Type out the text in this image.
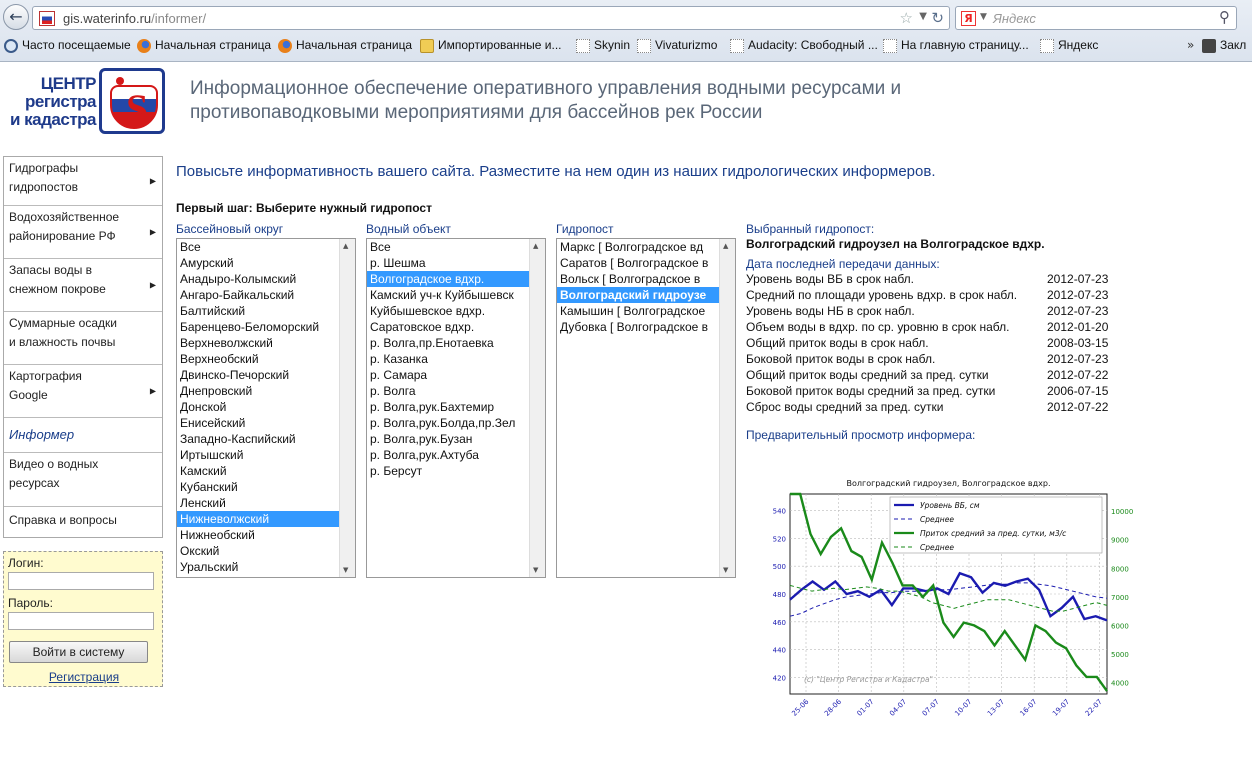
←	gis.waterinfo.ru/informer/	☆ ▼ ↻ Я ▼ Яндекс	⚲
Часто посещаемые	Начальная страница	Начальная страница	Импортированные и...	Skynin	Vivaturizmo	Audacity: Свободный ...	На главную страницу...	Яндекс	»	Закл
ЦЕНТР
регистра
и кадастра S Информационное обеспечение оперативного управления водными ресурсами и
противопаводковыми мероприятиями для бассейнов рек России
Гидрографы
гидропостов	▶
Водохозяйственное
районирование РФ	▶
Запасы воды в
снежном покрове	▶
Суммарные осадки
и влажность почвы
Картография
Google	▶
Информер
Видео о водных
ресурсах
Справка и вопросы
Логин:
Пароль:
Войти в систему
Регистрация
Повысьте информативность вашего сайта. Разместите на нем один из наших гидрологических информеров.
Первый шаг: Выберите нужный гидропост
Бассейновый округ	Водный объект	Гидропост
Все
Амурский
Анадыро-Колымский
Ангаро-Байкальский
Балтийский
Баренцево-Беломорский
Верхневолжский
Верхнеобский
Двинско-Печорский
Днепровский
Донской
Енисейский
Западно-Каспийский
Иртышский
Камский
Кубанский
Ленский
Нижневолжский
Нижнеобский
Окский
Уральский
▲
▼
Все
р. Шешма
Волгоградское вдхр.
Камский уч-к Куйбышевск
Куйбышевское вдхр.
Саратовское вдхр.
р. Волга,пр.Енотаевка
р. Казанка
р. Самара
р. Волга
р. Волга,рук.Бахтемир
р. Волга,рук.Болда,пр.Зел
р. Волга,рук.Бузан
р. Волга,рук.Ахтуба
р. Берсут
▲
▼
Маркс [ Волгоградское вд
Саратов [ Волгоградское в
Вольск [ Волгоградское в
Волгоградский гидроузе
Камышин [ Волгоградское
Дубовка [ Волгоградское в
▲
▼
Выбранный гидропост:
Волгоградский гидроузел на Волгоградское вдхр.
Дата последней передачи данных:
Уровень воды ВБ в срок набл.	2012-07-23
Средний по площади уровень вдхр. в срок набл. 2012-07-23
Уровень воды НБ в срок набл.	2012-07-23
Объем воды в вдхр. по ср. уровню в срок набл.	2012-01-20
Общий приток воды в срок набл.	2008-03-15
Боковой приток воды в срок набл.	2012-07-23
Общий приток воды средний за пред. сутки	2012-07-22
Боковой приток воды средний за пред. сутки	2006-07-15
Сброс воды средний за пред. сутки	2012-07-22
Предварительный просмотр информера:
Волгоградский гидроузел, Волгоградское вдхр.
25-06 28-06 01-07 04-07 07-07 10-07 13-07 16-07 19-07 22-07
420
440
460
480
500
520
540
4000
5000
6000
7000
8000
9000
10000
Уровень ВБ, см
Среднее
Приток средний за пред. сутки, м3/с
Среднее
(c) "Центр Регистра и Кадастра"
